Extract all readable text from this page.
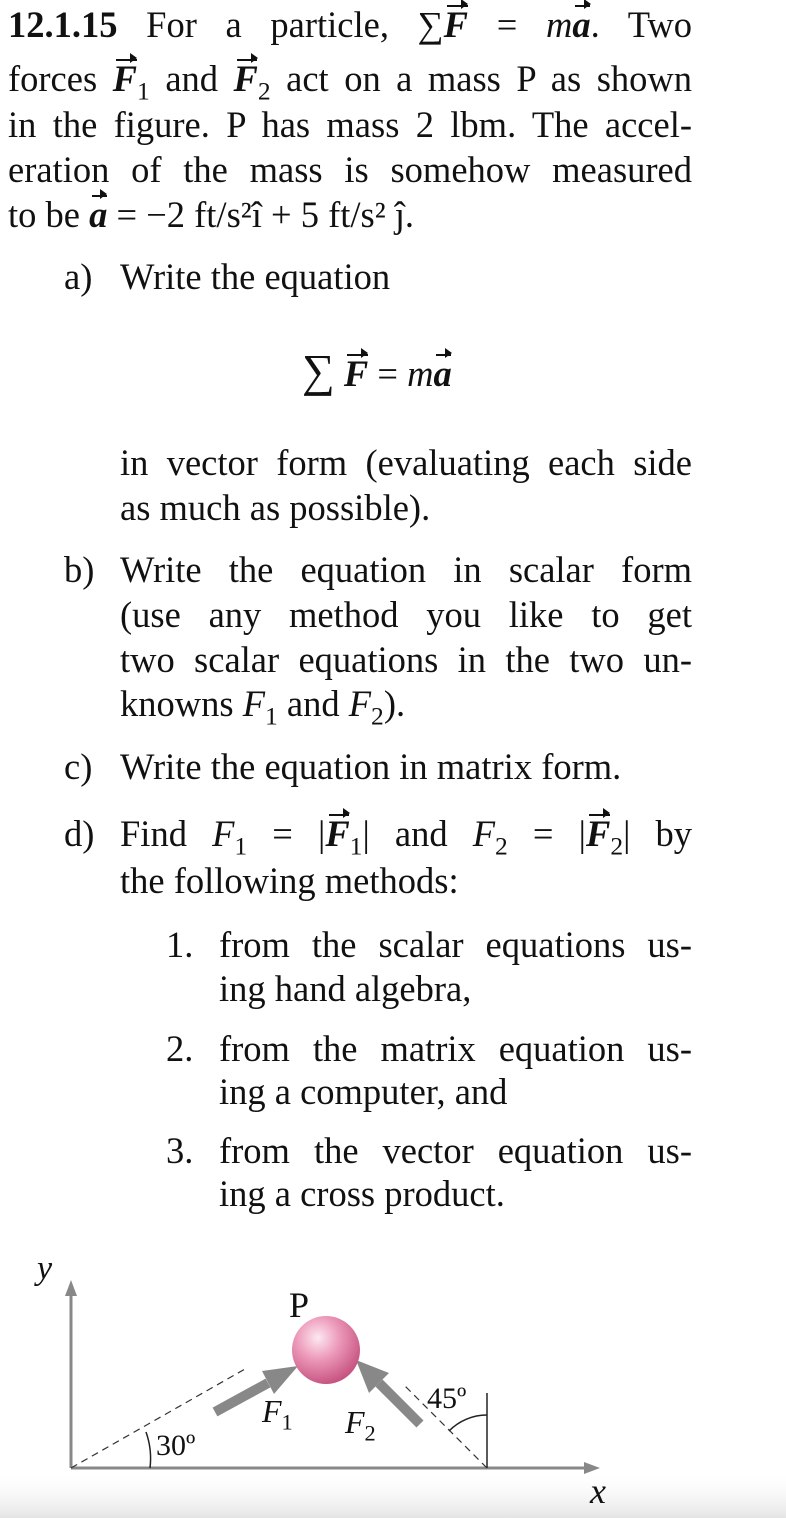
12.1.15 For a particle, ∑F = ma. Two
forces $F_1$ and $F_2$ act on a mass P as shown
in the figure. P has mass 2 lbm. The accel-
eration of the mass is somehow measured
to be a = −2 ft/s²î + 5 ft/s² ĵ.
a) Write the equation
∑ F = ma
in vector form (evaluating each side
as much as possible).
b) Write the equation in scalar form
(use any method you like to get
two scalar equations in the two un-
knowns $F_1$ and $F_2$).
c) Write the equation in matrix form.
d) Find $F_1 = |F_1|$ and $F_2 = |F_2|$ by
the following methods:
1. from the scalar equations us-
ing hand algebra,
2. from the matrix equation us-
ing a computer, and
3. from the vector equation us-
ing a cross product.
y
x
P
$F_1$ $F_2$
30º
45º
